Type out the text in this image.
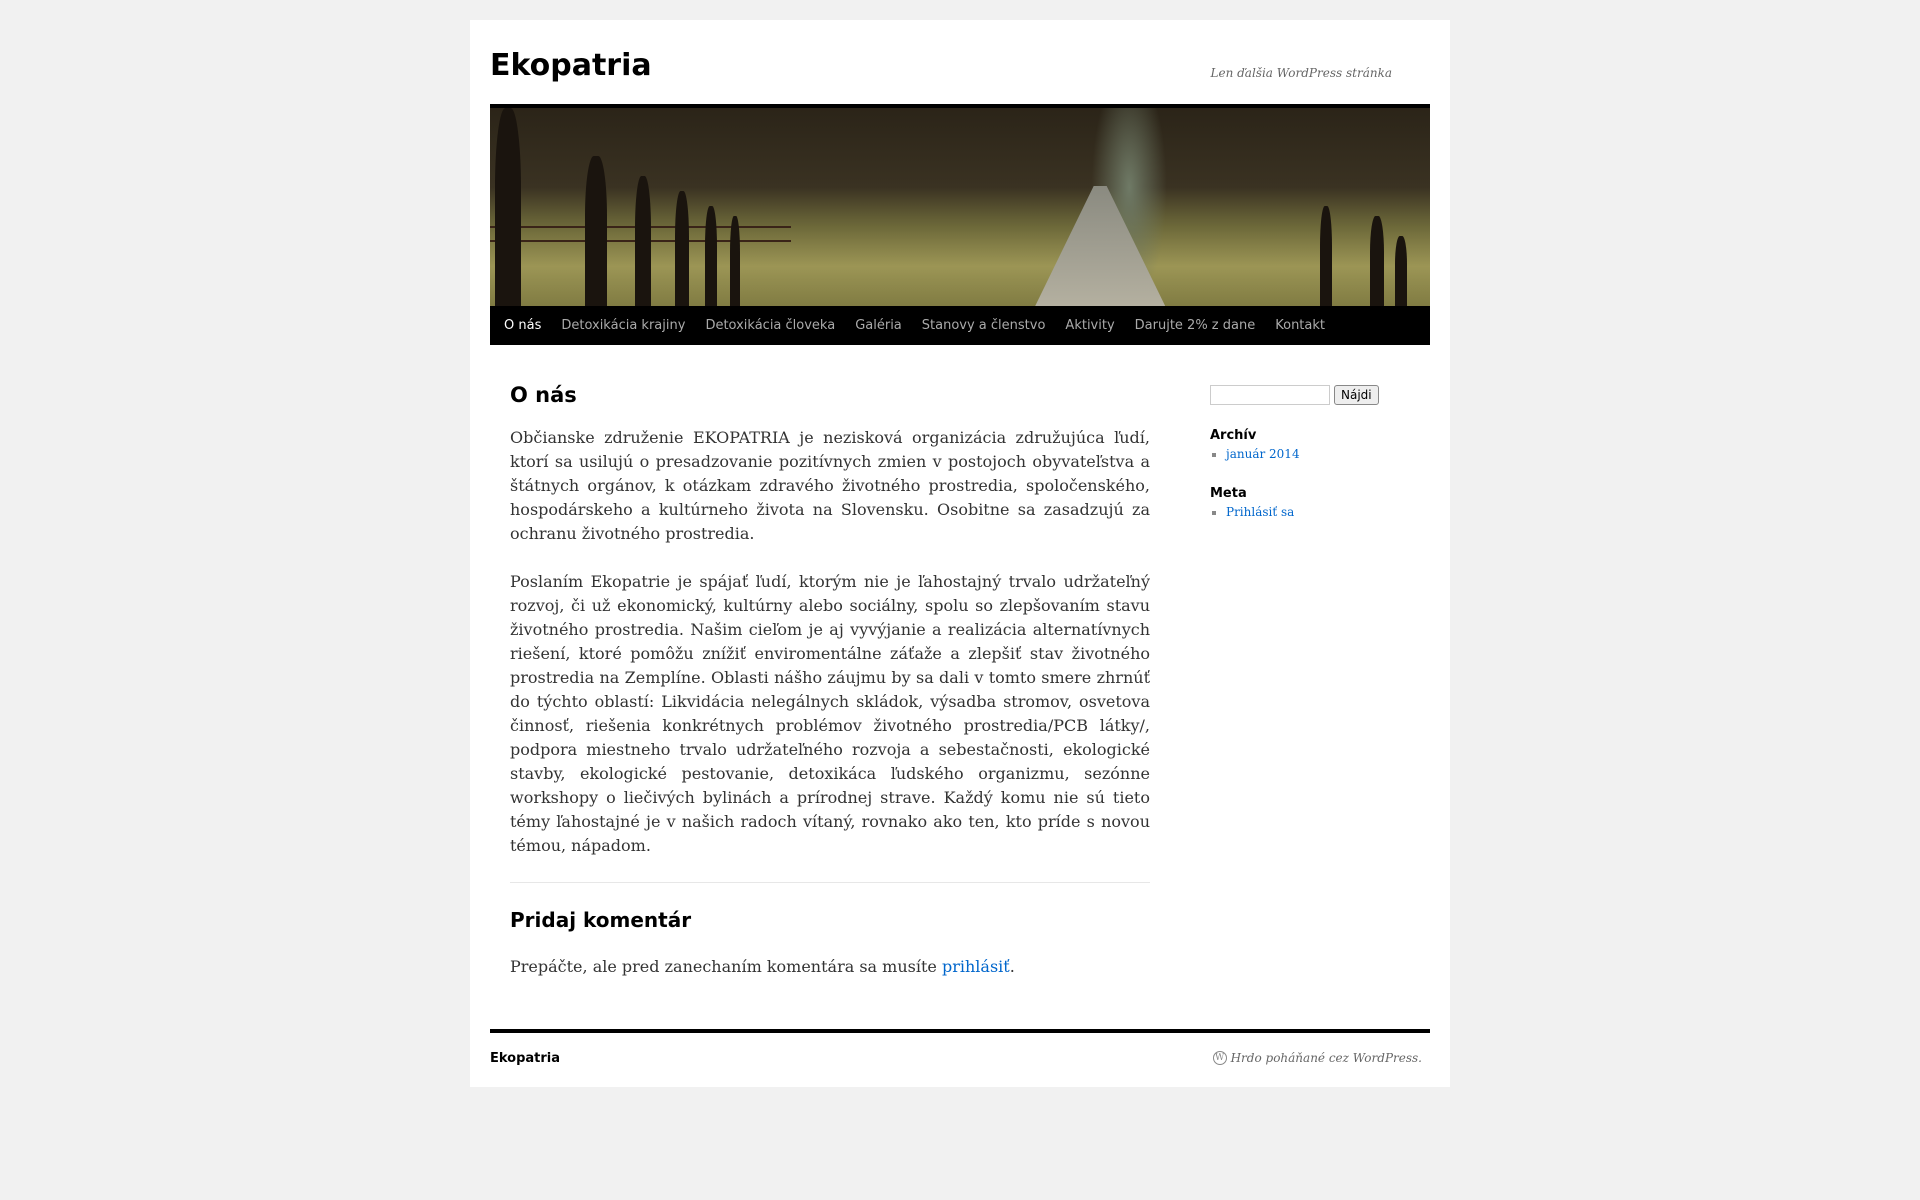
Ekopatria	Len ďalšia WordPress stránka
O nás	Detoxikácia krajiny	Detoxikácia človeka	Galéria	Stanovy a členstvo	Aktivity	Darujte 2% z dane	Kontakt
O nás

Občianske združenie EKOPATRIA je nezisková organizácia združujúca ľudí, ktorí sa usilujú o presadzovanie pozitívnych zmien v postojoch obyvateľstva a štátnych orgánov, k otázkam zdravého životného prostredia, spoločenského, hospodárskeho a kultúrneho života na Slovensku. Osobitne sa zasadzujú za ochranu životného prostredia.

Poslaním Ekopatrie je spájať ľudí, ktorým nie je ľahostajný trvalo udržateľný rozvoj, či už ekonomický, kultúrny alebo sociálny, spolu so zlepšovaním stavu životného prostredia. Našim cieľom je aj vyvýjanie a realizácia alternatívnych riešení, ktoré pomôžu znížiť enviromentálne záťaže a zlepšiť stav životného prostredia na Zemplíne. Oblasti nášho záujmu by sa dali v tomto smere zhrnúť do týchto oblastí: Likvidácia nelegálnych skládok, výsadba stromov, osvetova činnosť, riešenia konkrétnych problémov životného prostredia/PCB látky/, podpora miestneho trvalo udržateľného rozvoja a sebestačnosti, ekologické stavby, ekologické pestovanie, detoxikáca ľudského organizmu, sezónne workshopy o liečivých bylinách a prírodnej strave. Každý komu nie sú tieto témy ľahostajné je v našich radoch vítaný, rovnako ako ten, kto príde s novou témou, nápadom.

Pridaj komentár

Prepáčte, ale pred zanechaním komentára sa musíte prihlásiť.

Nájdi
Archív
▪ január 2014
Meta
▪ Prihlásiť sa
Ekopatria	W Hrdo poháňané cez WordPress.
